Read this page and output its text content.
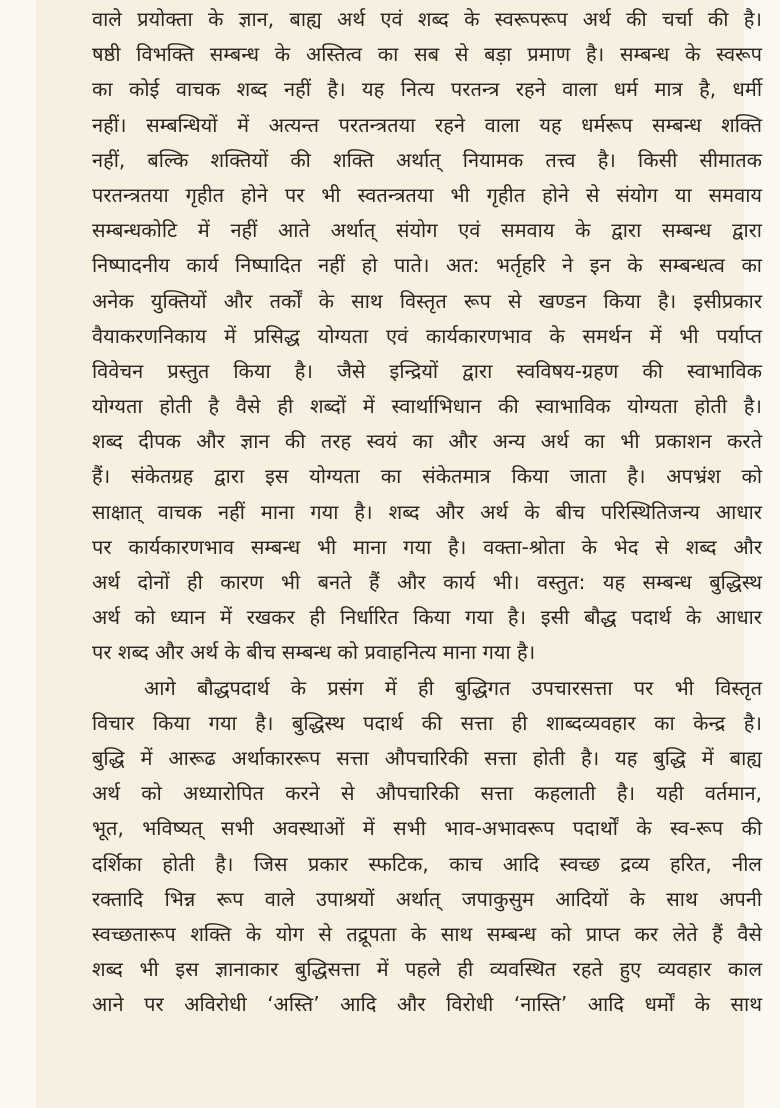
वाले प्रयोक्ता के ज्ञान, बाह्य अर्थ एवं शब्द के स्वरूपरूप अर्थ की चर्चा की है।
षष्ठी विभक्ति सम्बन्ध के अस्तित्व का सब से बड़ा प्रमाण है। सम्बन्ध के स्वरूप
का कोई वाचक शब्द नहीं है। यह नित्य परतन्त्र रहने वाला धर्म मात्र है, धर्मी
नहीं। सम्बन्धियों में अत्यन्त परतन्त्रतया रहने वाला यह धर्मरूप सम्बन्ध शक्ति
नहीं, बल्कि शक्तियों की शक्ति अर्थात् नियामक तत्त्व है। किसी सीमातक
परतन्त्रतया गृहीत होने पर भी स्वतन्त्रतया भी गृहीत होने से संयोग या समवाय
सम्बन्धकोटि में नहीं आते अर्थात् संयोग एवं समवाय के द्वारा सम्बन्ध द्वारा
निष्पादनीय कार्य निष्पादित नहीं हो पाते। अत: भर्तृहरि ने इन के सम्बन्धत्व का
अनेक युक्तियों और तर्कों के साथ विस्तृत रूप से खण्डन किया है। इसीप्रकार
वैयाकरणनिकाय में प्रसिद्ध योग्यता एवं कार्यकारणभाव के समर्थन में भी पर्याप्त
विवेचन प्रस्तुत किया है। जैसे इन्द्रियों द्वारा स्वविषय-ग्रहण की स्वाभाविक
योग्यता होती है वैसे ही शब्दों में स्वार्थाभिधान की स्वाभाविक योग्यता होती है।
शब्द दीपक और ज्ञान की तरह स्वयं का और अन्य अर्थ का भी प्रकाशन करते
हैं। संकेतग्रह द्वारा इस योग्यता का संकेतमात्र किया जाता है। अपभ्रंश को
साक्षात् वाचक नहीं माना गया है। शब्द और अर्थ के बीच परिस्थितिजन्य आधार
पर कार्यकारणभाव सम्बन्ध भी माना गया है। वक्ता-श्रोता के भेद से शब्द और
अर्थ दोनों ही कारण भी बनते हैं और कार्य भी। वस्तुत: यह सम्बन्ध बुद्धिस्थ
अर्थ को ध्यान में रखकर ही निर्धारित किया गया है। इसी बौद्ध पदार्थ के आधार
पर शब्द और अर्थ के बीच सम्बन्ध को प्रवाहनित्य माना गया है।
आगे बौद्धपदार्थ के प्रसंग में ही बुद्धिगत उपचारसत्ता पर भी विस्तृत
विचार किया गया है। बुद्धिस्थ पदार्थ की सत्ता ही शाब्दव्यवहार का केन्द्र है।
बुद्धि में आरूढ अर्थाकाररूप सत्ता औपचारिकी सत्ता होती है। यह बुद्धि में बाह्य
अर्थ को अध्यारोपित करने से औपचारिकी सत्ता कहलाती है। यही वर्तमान,
भूत, भविष्यत् सभी अवस्थाओं में सभी भाव-अभावरूप पदार्थों के स्व-रूप की
दर्शिका होती है। जिस प्रकार स्फटिक, काच आदि स्वच्छ द्रव्य हरित, नील
रक्तादि भिन्न रूप वाले उपाश्रयों अर्थात् जपाकुसुम आदियों के साथ अपनी
स्वच्छतारूप शक्ति के योग से तद्रूपता के साथ सम्बन्ध को प्राप्त कर लेते हैं वैसे
शब्द भी इस ज्ञानाकार बुद्धिसत्ता में पहले ही व्यवस्थित रहते हुए व्यवहार काल
आने पर अविरोधी ‘अस्ति’ आदि और विरोधी ‘नास्ति’ आदि धर्मों के साथ
